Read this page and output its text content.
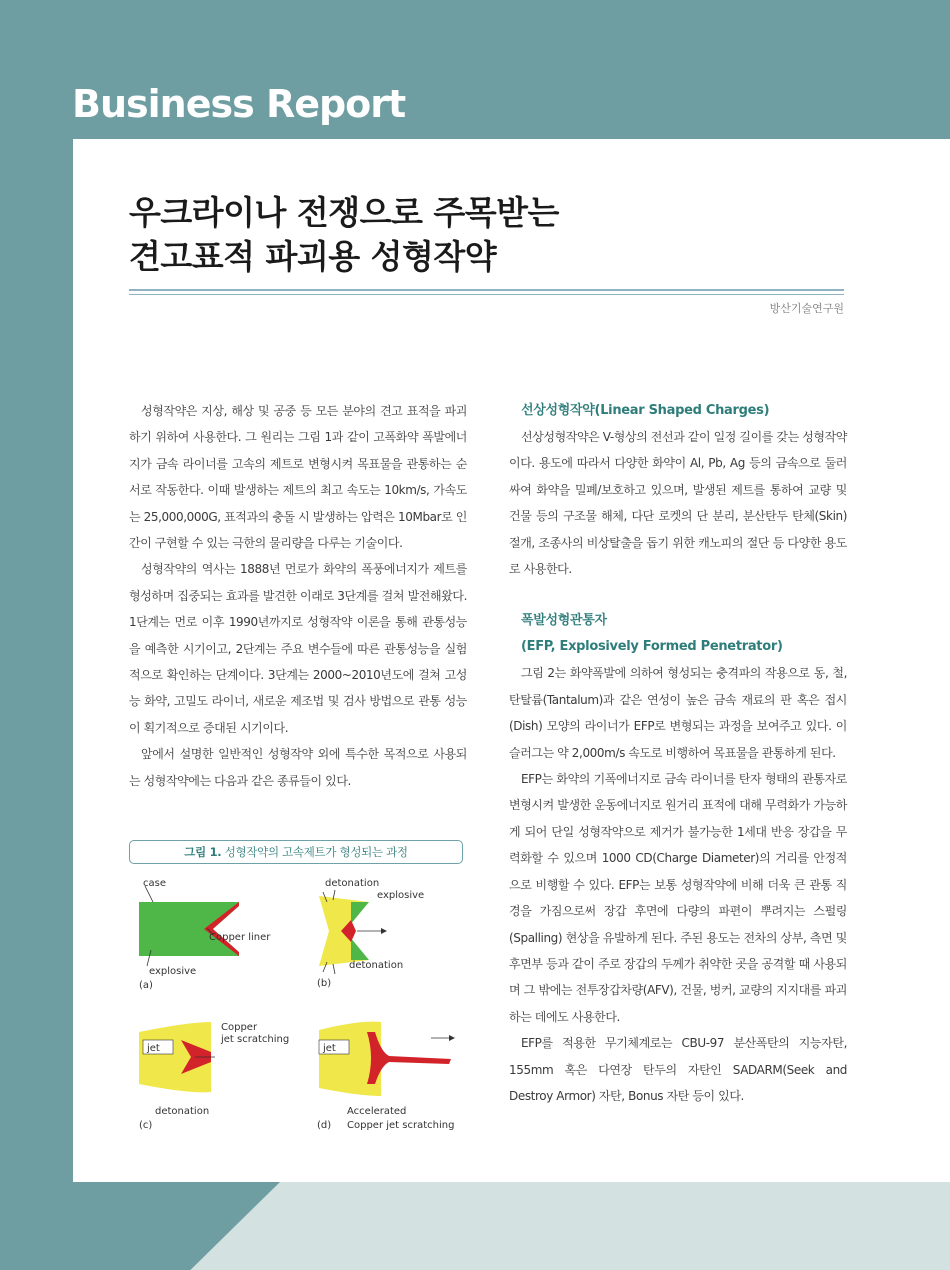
Business Report
우크라이나 전쟁으로 주목받는
견고표적 파괴용 성형작약
방산기술연구원

성형작약은 지상, 해상 및 공중 등 모든 분야의 견고 표적을 파괴하기 위하여 사용한다. 그 원리는 그림 1과 같이 고폭화약 폭발에너지가 금속 라이너를 고속의 제트로 변형시켜 목표물을 관통하는 순서로 작동한다. 이때 발생하는 제트의 최고 속도는 10km/s, 가속도는 25,000,000G, 표적과의 충돌 시 발생하는 압력은 10Mbar로 인간이 구현할 수 있는 극한의 물리량을 다루는 기술이다.

성형작약의 역사는 1888년 먼로가 화약의 폭풍에너지가 제트를 형성하며 집중되는 효과를 발견한 이래로 3단계를 걸쳐 발전해왔다. 1단계는 먼로 이후 1990년까지로 성형작약 이론을 통해 관통성능을 예측한 시기이고, 2단계는 주요 변수들에 따른 관통성능을 실험적으로 확인하는 단계이다. 3단계는 2000~2010년도에 걸쳐 고성능 화약, 고밀도 라이너, 새로운 제조법 및 검사 방법으로 관통 성능이 획기적으로 증대된 시기이다.

앞에서 설명한 일반적인 성형작약 외에 특수한 목적으로 사용되는 성형작약에는 다음과 같은 종류들이 있다.

그림 1. 성형작약의 고속제트가 형성되는 과정
case
Copper liner
explosive
(a)
detonation
explosive
detonation
(b)
jet
Copper
jet scratching
detonation
(c)
jet
Accelerated
Copper jet scratching
(d)
선상성형작약(Linear Shaped Charges)

선상성형작약은 V-형상의 전선과 같이 일정 길이를 갖는 성형작약이다. 용도에 따라서 다양한 화약이 Al, Pb, Ag 등의 금속으로 둘러싸여 화약을 밀폐/보호하고 있으며, 발생된 제트를 통하여 교량 및 건물 등의 구조물 해체, 다단 로켓의 단 분리, 분산탄두 탄체(Skin) 절개, 조종사의 비상탈출을 돕기 위한 캐노피의 절단 등 다양한 용도로 사용한다.

폭발성형관통자
(EFP, Explosively Formed Penetrator)

그림 2는 화약폭발에 의하여 형성되는 충격파의 작용으로 동, 철, 탄탈륨(Tantalum)과 같은 연성이 높은 금속 재료의 판 혹은 접시(Dish) 모양의 라이너가 EFP로 변형되는 과정을 보여주고 있다. 이 슬러그는 약 2,000m/s 속도로 비행하여 목표물을 관통하게 된다.

EFP는 화약의 기폭에너지로 금속 라이너를 탄자 형태의 관통자로 변형시켜 발생한 운동에너지로 원거리 표적에 대해 무력화가 가능하게 되어 단일 성형작약으로 제거가 불가능한 1세대 반응 장갑을 무력화할 수 있으며 1000 CD(Charge Diameter)의 거리를 안정적으로 비행할 수 있다. EFP는 보통 성형작약에 비해 더욱 큰 관통 직경을 가짐으로써 장갑 후면에 다량의 파편이 뿌려지는 스펄링(Spalling) 현상을 유발하게 된다. 주된 용도는 전차의 상부, 측면 및 후면부 등과 같이 주로 장갑의 두께가 취약한 곳을 공격할 때 사용되며 그 밖에는 전투장갑차량(AFV), 건물, 벙커, 교량의 지지대를 파괴하는 데에도 사용한다.

EFP를 적용한 무기체계로는 CBU-97 분산폭탄의 지능자탄, 155mm 혹은 다연장 탄두의 자탄인 SADARM(Seek and Destroy Armor) 자탄, Bonus 자탄 등이 있다.
